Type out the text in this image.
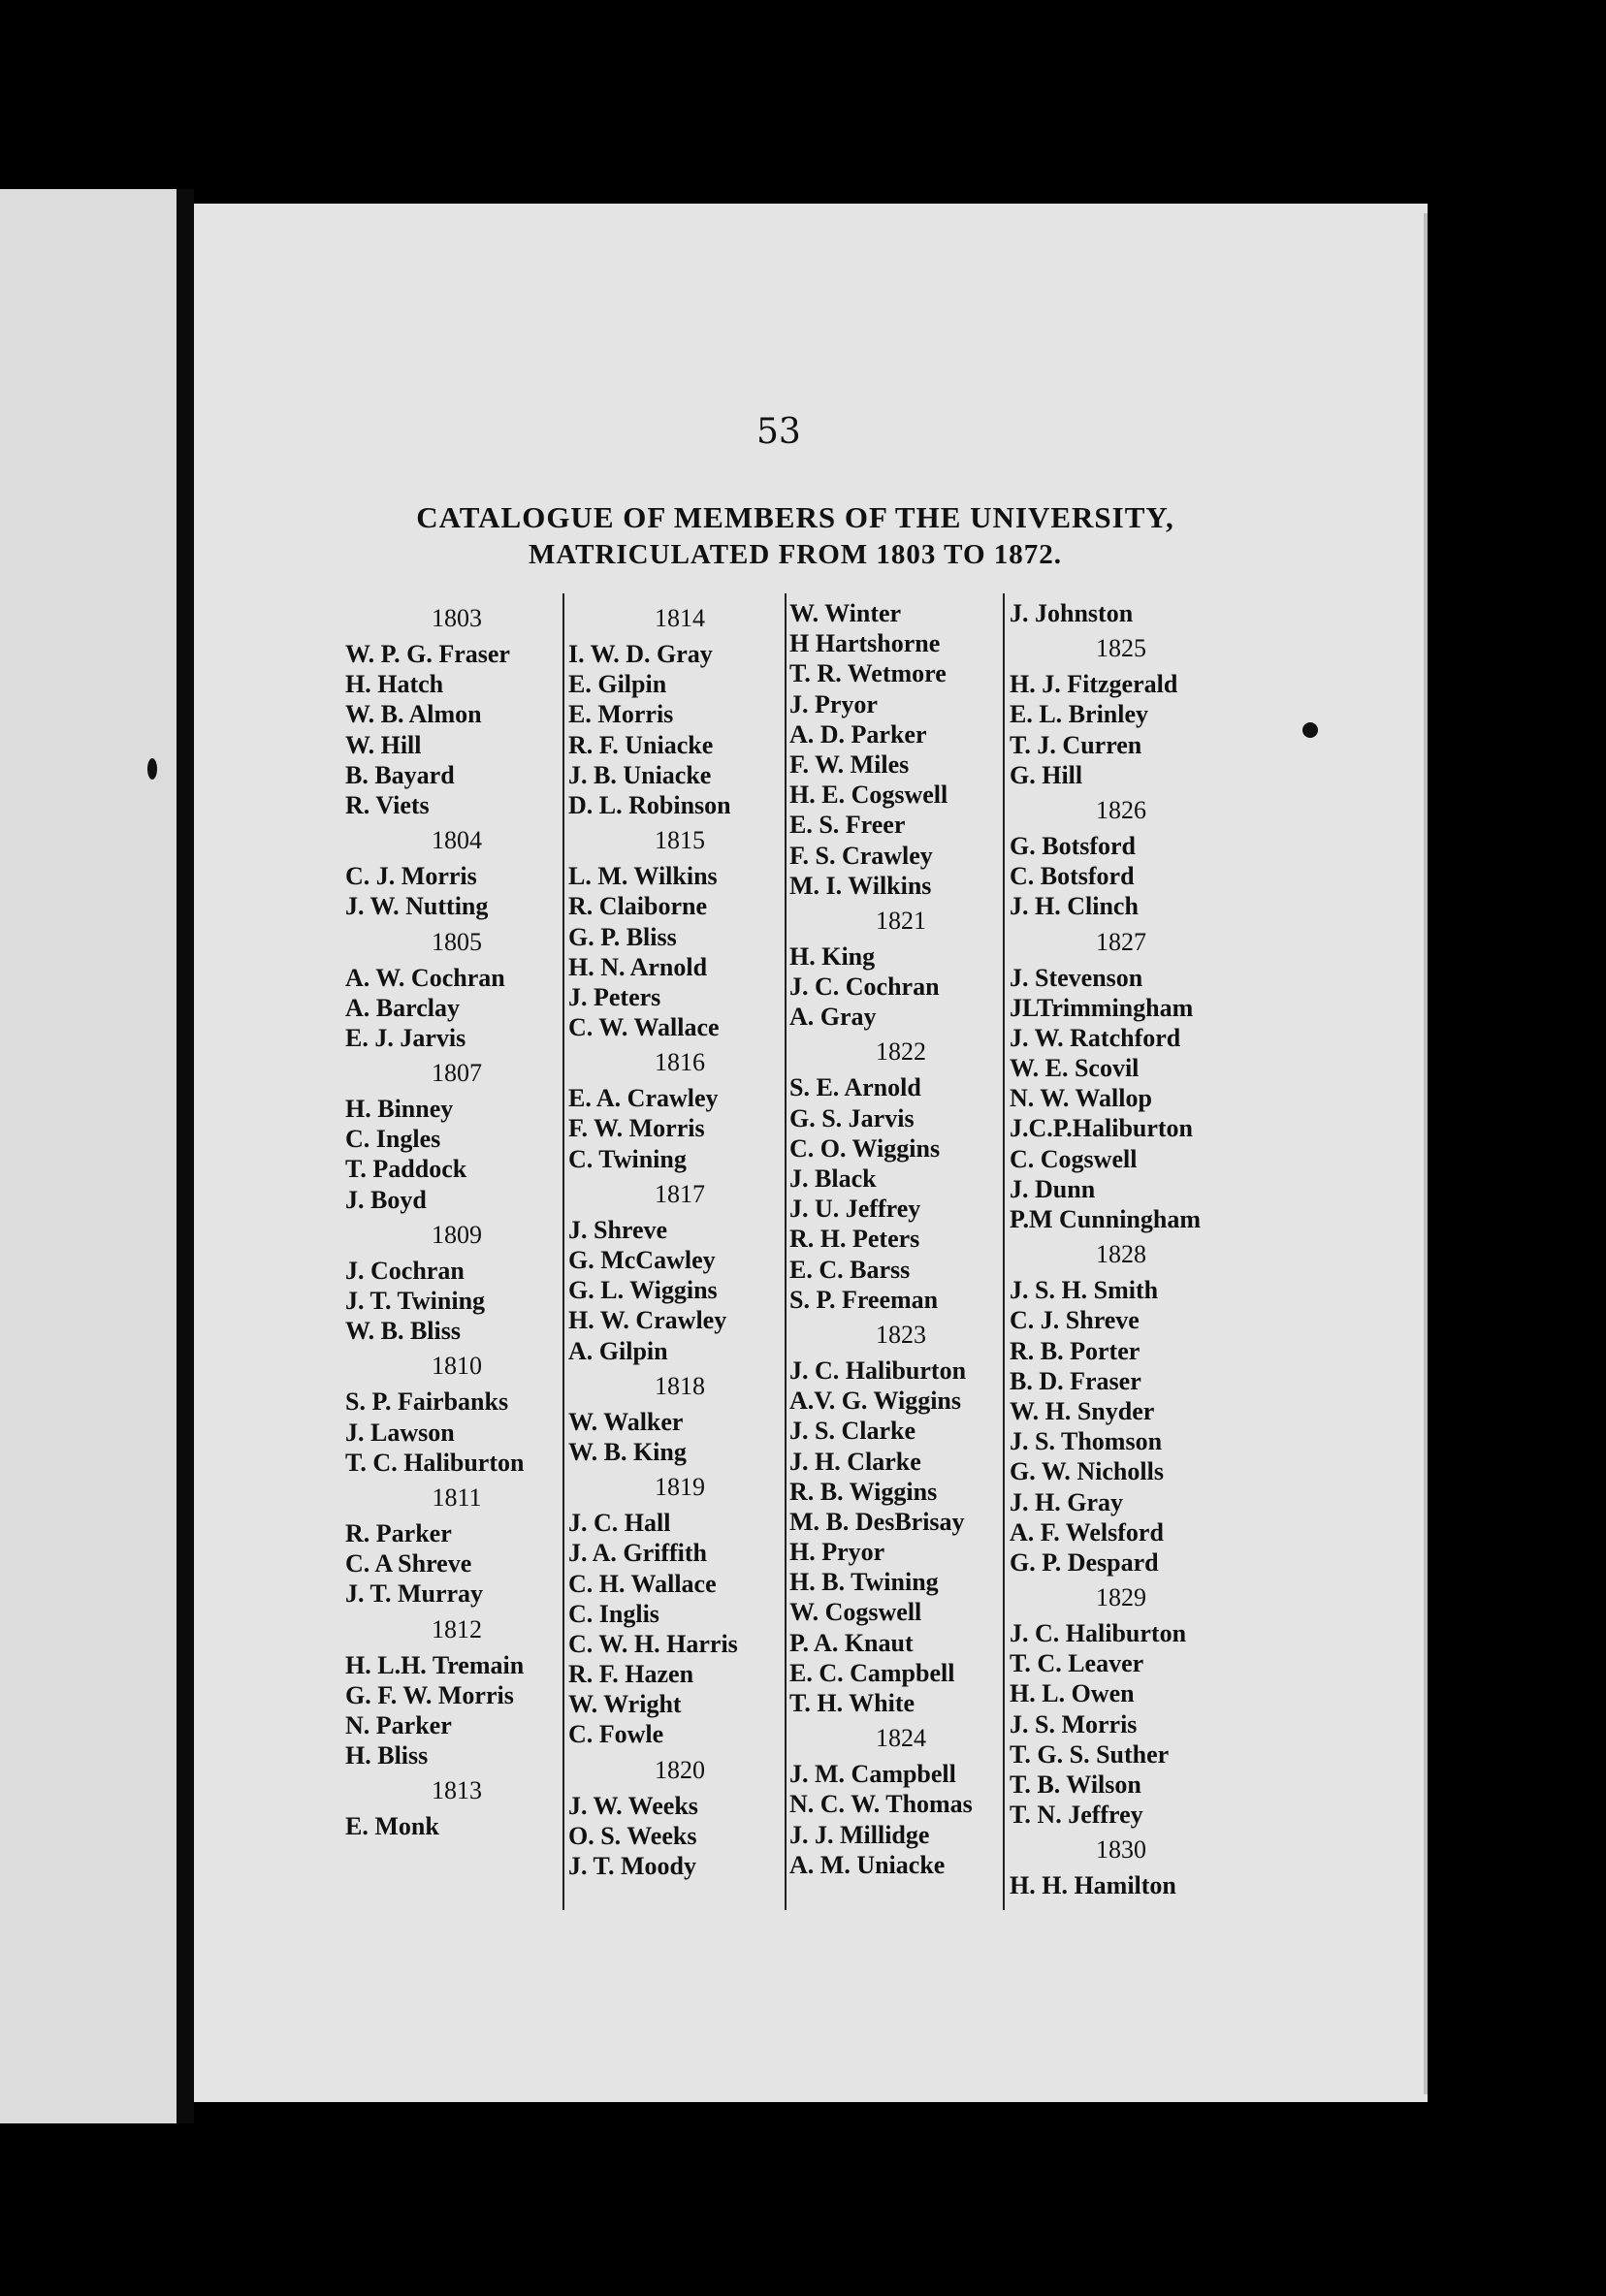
53
CATALOGUE OF MEMBERS OF THE UNIVERSITY,
MATRICULATED FROM 1803 TO 1872.
1803
W. P. G. Fraser
H. Hatch
W. B. Almon
W. Hill
B. Bayard
R. Viets
1804
C. J. Morris
J. W. Nutting
1805
A. W. Cochran
A. Barclay
E. J. Jarvis
1807
H. Binney
C. Ingles
T. Paddock
J. Boyd
1809
J. Cochran
J. T. Twining
W. B. Bliss
1810
S. P. Fairbanks
J. Lawson
T. C. Haliburton
1811
R. Parker
C. A Shreve
J. T. Murray
1812
H. L.H. Tremain
G. F. W. Morris
N. Parker
H. Bliss
1813
E. Monk
1814
I. W. D. Gray
E. Gilpin
E. Morris
R. F. Uniacke
J. B. Uniacke
D. L. Robinson
1815
L. M. Wilkins
R. Claiborne
G. P. Bliss
H. N. Arnold
J. Peters
C. W. Wallace
1816
E. A. Crawley
F. W. Morris
C. Twining
1817
J. Shreve
G. McCawley
G. L. Wiggins
H. W. Crawley
A. Gilpin
1818
W. Walker
W. B. King
1819
J. C. Hall
J. A. Griffith
C. H. Wallace
C. Inglis
C. W. H. Harris
R. F. Hazen
W. Wright
C. Fowle
1820
J. W. Weeks
O. S. Weeks
J. T. Moody
W. Winter
H Hartshorne
T. R. Wetmore
J. Pryor
A. D. Parker
F. W. Miles
H. E. Cogswell
E. S. Freer
F. S. Crawley
M. I. Wilkins
1821
H. King
J. C. Cochran
A. Gray
1822
S. E. Arnold
G. S. Jarvis
C. O. Wiggins
J. Black
J. U. Jeffrey
R. H. Peters
E. C. Barss
S. P. Freeman
1823
J. C. Haliburton
A.V. G. Wiggins
J. S. Clarke
J. H. Clarke
R. B. Wiggins
M. B. DesBrisay
H. Pryor
H. B. Twining
W. Cogswell
P. A. Knaut
E. C. Campbell
T. H. White
1824
J. M. Campbell
N. C. W. Thomas
J. J. Millidge
A. M. Uniacke
J. Johnston
1825
H. J. Fitzgerald
E. L. Brinley
T. J. Curren
G. Hill
1826
G. Botsford
C. Botsford
J. H. Clinch
1827
J. Stevenson
JLTrimmingham
J. W. Ratchford
W. E. Scovil
N. W. Wallop
J.C.P.Haliburton
C. Cogswell
J. Dunn
P.M Cunningham
1828
J. S. H. Smith
C. J. Shreve
R. B. Porter
B. D. Fraser
W. H. Snyder
J. S. Thomson
G. W. Nicholls
J. H. Gray
A. F. Welsford
G. P. Despard
1829
J. C. Haliburton
T. C. Leaver
H. L. Owen
J. S. Morris
T. G. S. Suther
T. B. Wilson
T. N. Jeffrey
1830
H. H. Hamilton
